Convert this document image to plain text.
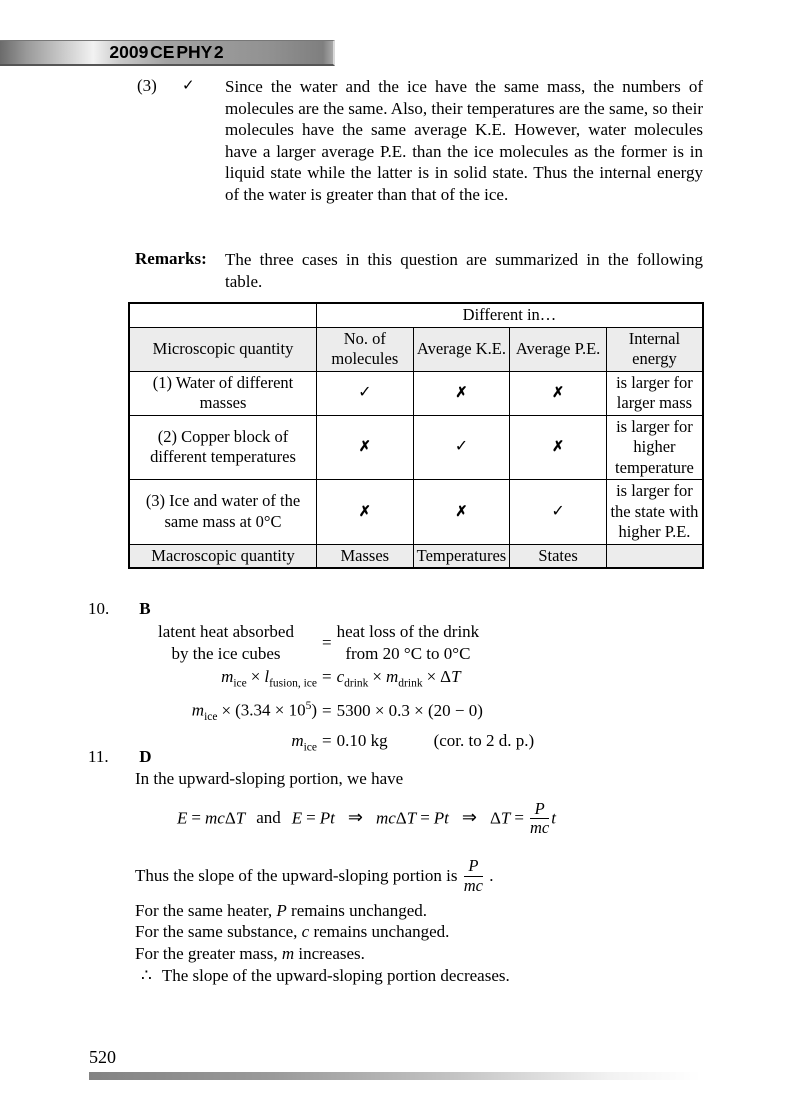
2009 CE PHY 2
(3)	✓	Since the water and the ice have the same mass, the numbers of molecules are the same. Also, their temperatures are the same, so their molecules have the same average K.E. However, water molecules have a larger average P.E. than the ice molecules as the former is in liquid state while the latter is in solid state. Thus the internal energy of the water is greater than that of the ice.
Remarks:	The three cases in this question are summarized in the following table.
	Different in…			
Microscopic quantity	No. of molecules	Average K.E.	Average P.E.	Internal energy
(1) Water of different masses	✓	✗	✗	is larger for larger mass
(2) Copper block of different temperatures	✗	✓	✗	is larger for higher temperature
(3) Ice and water of the same mass at 0°C	✗	✗	✓	is larger for the state with higher P.E.
Macroscopic quantity	Masses	Temperatures	States	
10. B
latent heat absorbed
by the ice cubes
=
heat loss of the drink
from 20 °C to 0°C
$m_{ice} \times l_{fusion, ice} = c_{drink} \times m_{drink} \times \Delta T$
$m_{ice} \times (3.34 \times 10^5) = 5300 \times 0.3 \times (20 - 0)$
$m_{ice} = 0.10$ kg	(cor. to 2 d. p.)
11. D
In the upward-sloping portion, we have
E = mcΔT and E = Pt ⇒ mcΔT = Pt ⇒ $\Delta T = \frac{P}{mc}$ t
Thus the slope of the upward-sloping portion is $\frac{P}{mc}$ .
For the same heater, P remains unchanged.
For the same substance, c remains unchanged.
For the greater mass, m increases.
∴ The slope of the upward-sloping portion decreases.
520
